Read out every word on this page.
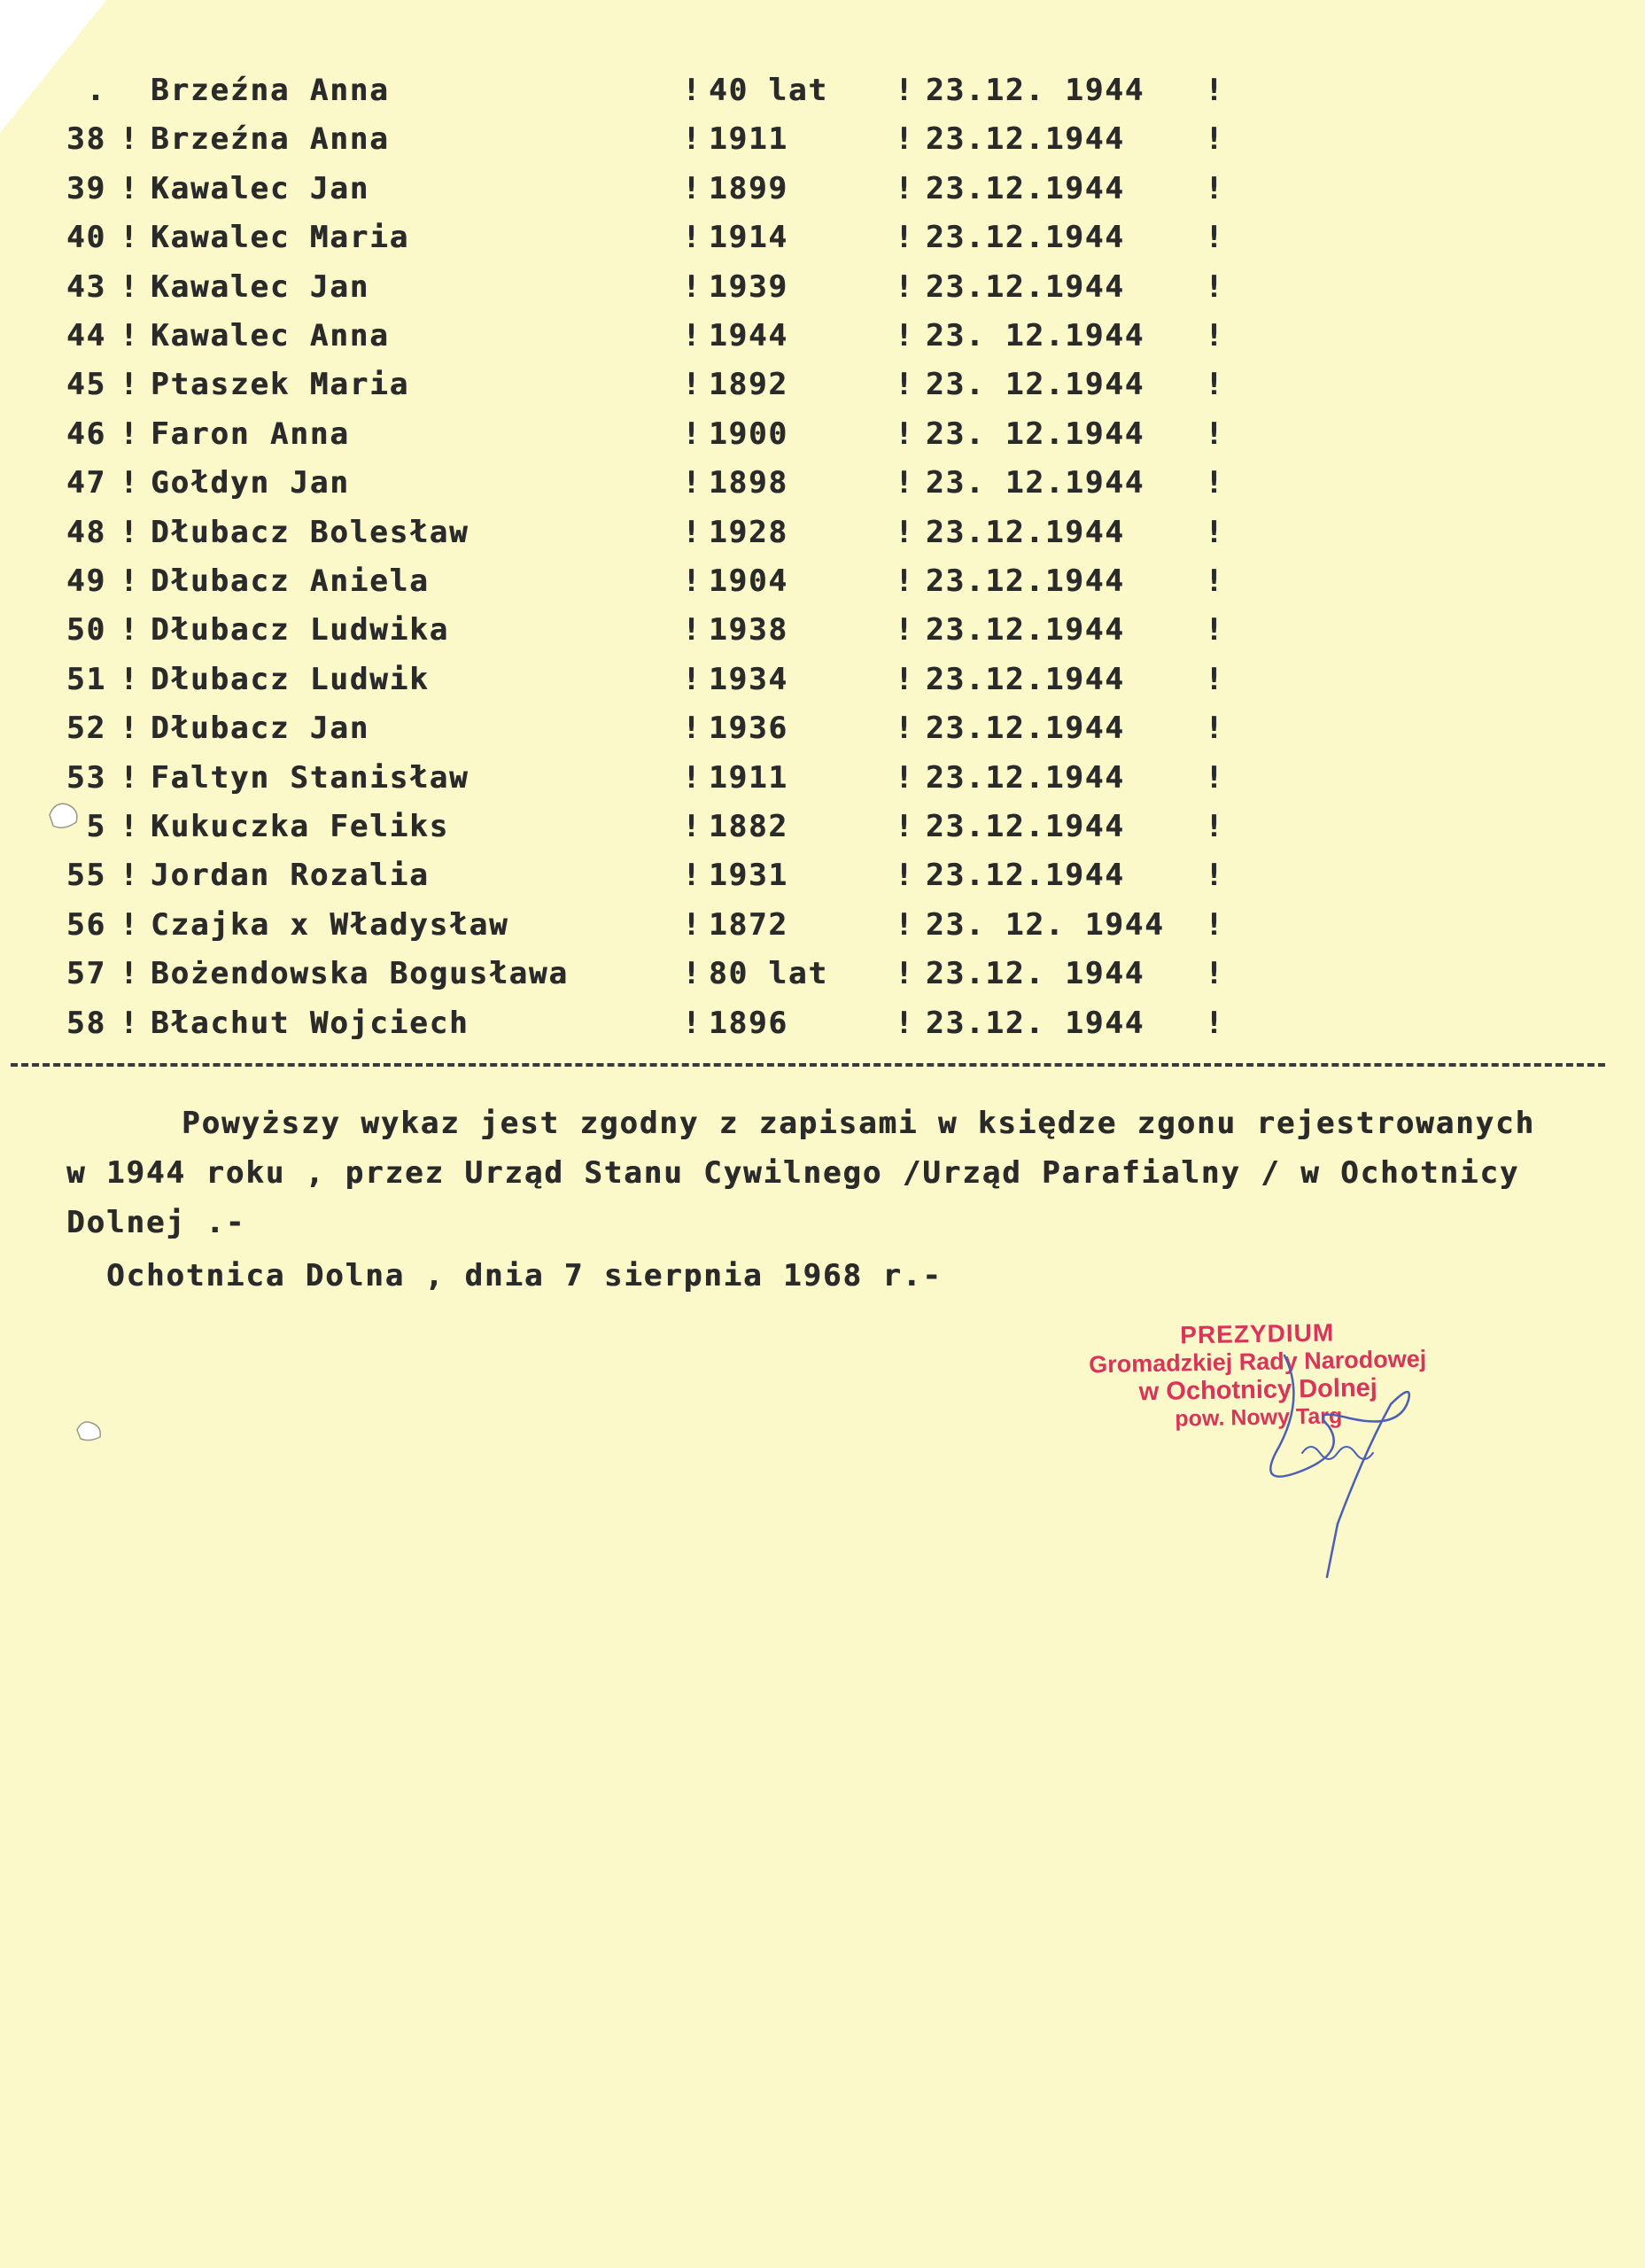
. Brzeźna Anna	! 40 lat ! 23.12. 1944 !
38 ! Brzeźna Anna	! 1911	! 23.12.1944	!
39 ! Kawalec Jan	! 1899	! 23.12.1944	!
40 ! Kawalec Maria	! 1914	! 23.12.1944	!
43 ! Kawalec Jan	! 1939	! 23.12.1944	!
44 ! Kawalec Anna	! 1944	! 23. 12.1944 !
45 ! Ptaszek Maria	! 1892	! 23. 12.1944 !
46 ! Faron Anna	! 1900	! 23. 12.1944 !
47 ! Gołdyn Jan	! 1898	! 23. 12.1944 !
48 ! Dłubacz Bolesław	! 1928	! 23.12.1944	!
49 ! Dłubacz Aniela	! 1904	! 23.12.1944	!
50 ! Dłubacz Ludwika	! 1938	! 23.12.1944	!
51 ! Dłubacz Ludwik	! 1934	! 23.12.1944	!
52 ! Dłubacz Jan	! 1936	! 23.12.1944	!
53 ! Faltyn Stanisław	! 1911	! 23.12.1944	!
5 ! Kukuczka Feliks	! 1882	! 23.12.1944	!
55 ! Jordan Rozalia	! 1931	! 23.12.1944	!
56 ! Czajka x Władysław	! 1872	! 23. 12. 1944 !
57 ! Bożendowska Bogusława	! 80 lat ! 23.12. 1944 !
58 ! Błachut Wojciech	! 1896	! 23.12. 1944 !
Powyższy wykaz jest zgodny z zapisami w księdze zgonu rejestrowanych
w 1944 roku , przez Urząd Stanu Cywilnego /Urząd Parafialny / w Ochotnicy
Dolnej .-
Ochotnica Dolna , dnia 7 sierpnia 1968 r.-
PREZYDIUM
Gromadzkiej Rady Narodowej
w Ochotnicy Dolnej
pow. Nowy Targ
